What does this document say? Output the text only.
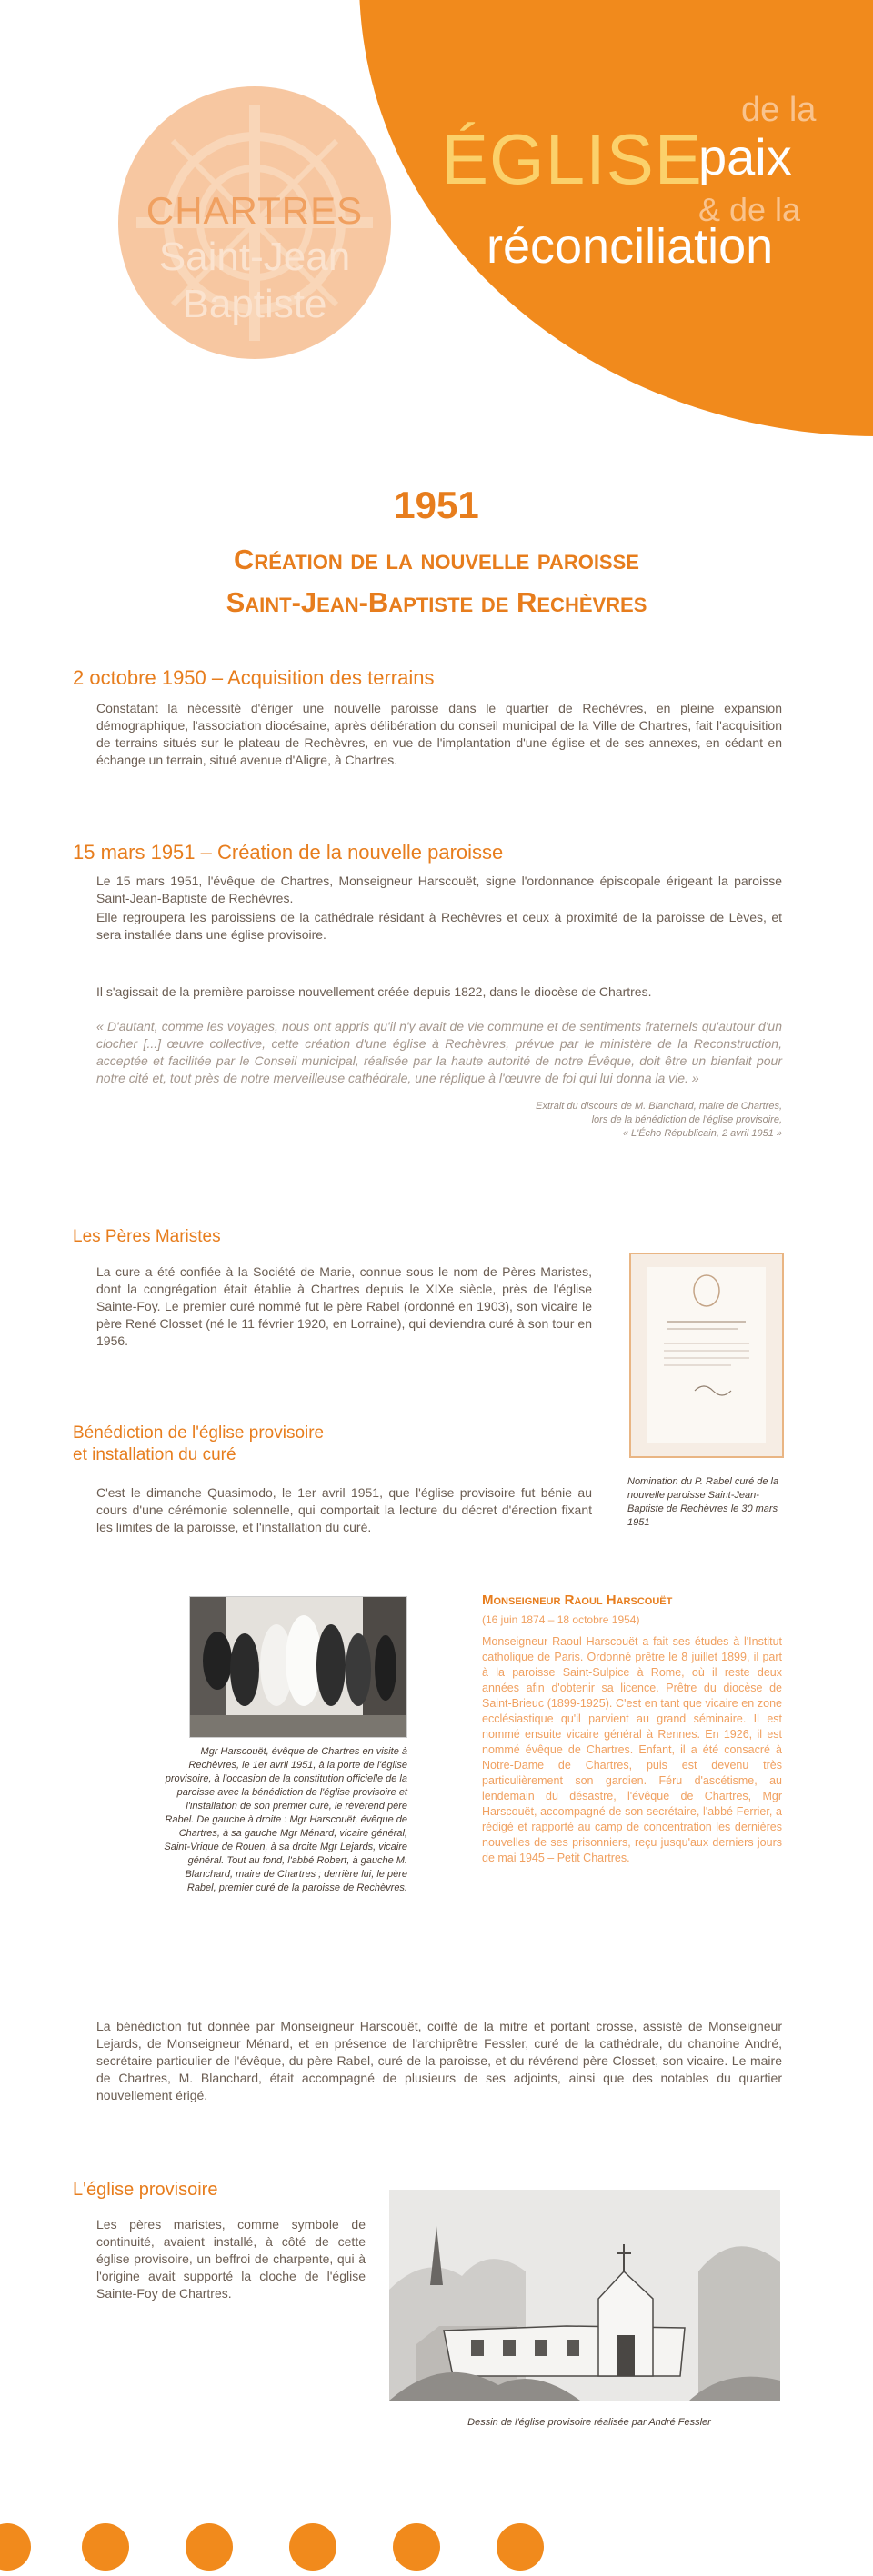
CHARTRES
Saint-Jean
Baptiste
ÉGLISE
de la
paix
& de la
réconciliation
1951
Création de la nouvelle paroisse
Saint-Jean-Baptiste de Rechèvres
2 octobre 1950 – Acquisition des terrains
Constatant la nécessité d'ériger une nouvelle paroisse dans le quartier de Rechèvres, en pleine expansion démographique, l'association diocésaine, après délibération du conseil municipal de la Ville de Chartres, fait l'acquisition de terrains situés sur le plateau de Rechèvres, en vue de l'implantation d'une église et de ses annexes, en cédant en échange un terrain, situé avenue d'Aligre, à Chartres.
15 mars 1951 – Création de la nouvelle paroisse
Le 15 mars 1951, l'évêque de Chartres, Monseigneur Harscouët, signe l'ordonnance épiscopale érigeant la paroisse Saint-Jean-Baptiste de Rechèvres.
Elle regroupera les paroissiens de la cathédrale résidant à Rechèvres et ceux à proximité de la paroisse de Lèves, et sera installée dans une église provisoire.
Il s'agissait de la première paroisse nouvellement créée depuis 1822, dans le diocèse de Chartres.
« D'autant, comme les voyages, nous ont appris qu'il n'y avait de vie commune et de sentiments fraternels qu'autour d'un clocher [...] œuvre collective, cette création d'une église à Rechèvres, prévue par le ministère de la Reconstruction, acceptée et facilitée par le Conseil municipal, réalisée par la haute autorité de notre Évêque, doit être un bienfait pour notre cité et, tout près de notre merveilleuse cathédrale, une réplique à l'œuvre de foi qui lui donna la vie. »
Extrait du discours de M. Blanchard, maire de Chartres,
lors de la bénédiction de l'église provisoire,
« L'Écho Républicain, 2 avril 1951 »
Les Pères Maristes
La cure a été confiée à la Société de Marie, connue sous le nom de Pères Maristes, dont la congrégation était établie à Chartres depuis le XIXe siècle, près de l'église Sainte-Foy. Le premier curé nommé fut le père Rabel (ordonné en 1903), son vicaire le père René Closset (né le 11 février 1920, en Lorraine), qui deviendra curé à son tour en 1956.
Nomination du P. Rabel curé de la nouvelle paroisse Saint-Jean-Baptiste de Rechèvres le 30 mars 1951
Bénédiction de l'église provisoire
et installation du curé
C'est le dimanche Quasimodo, le 1er avril 1951, que l'église provisoire fut bénie au cours d'une cérémonie solennelle, qui comportait la lecture du décret d'érection fixant les limites de la paroisse, et l'installation du curé.
Mgr Harscouët, évêque de Chartres en visite à Rechèvres, le 1er avril 1951, à la porte de l'église provisoire, à l'occasion de la constitution officielle de la paroisse avec la bénédiction de l'église provisoire et l'installation de son premier curé, le révérend père Rabel. De gauche à droite : Mgr Harscouët, évêque de Chartres, à sa gauche Mgr Ménard, vicaire général, Saint-Vrique de Rouen, à sa droite Mgr Lejards, vicaire général. Tout au fond, l'abbé Robert, à gauche M. Blanchard, maire de Chartres ; derrière lui, le père Rabel, premier curé de la paroisse de Rechèvres.
Monseigneur Raoul Harscouët
(16 juin 1874 – 18 octobre 1954)
Monseigneur Raoul Harscouët a fait ses études à l'Institut catholique de Paris. Ordonné prêtre le 8 juillet 1899, il part à la paroisse Saint-Sulpice à Rome, où il reste deux années afin d'obtenir sa licence. Prêtre du diocèse de Saint-Brieuc (1899-1925). C'est en tant que vicaire en zone ecclésiastique qu'il parvient au grand séminaire. Il est nommé ensuite vicaire général à Rennes. En 1926, il est nommé évêque de Chartres. Enfant, il a été consacré à Notre-Dame de Chartres, puis est devenu très particulièrement son gardien. Féru d'ascétisme, au lendemain du désastre, l'évêque de Chartres, Mgr Harscouët, accompagné de son secrétaire, l'abbé Ferrier, a rédigé et rapporté au camp de concentration les dernières nouvelles de ses prisonniers, reçu jusqu'aux derniers jours de mai 1945 – Petit Chartres.
La bénédiction fut donnée par Monseigneur Harscouët, coiffé de la mitre et portant crosse, assisté de Monseigneur Lejards, de Monseigneur Ménard, et en présence de l'archiprêtre Fessler, curé de la cathédrale, du chanoine André, secrétaire particulier de l'évêque, du père Rabel, curé de la paroisse, et du révérend père Closset, son vicaire. Le maire de Chartres, M. Blanchard, était accompagné de plusieurs de ses adjoints, ainsi que des notables du quartier nouvellement érigé.
L'église provisoire
Les pères maristes, comme symbole de continuité, avaient installé, à côté de cette église provisoire, un beffroi de charpente, qui à l'origine avait supporté la cloche de l'église Sainte-Foy de Chartres.
Dessin de l'église provisoire réalisée par André Fessler
